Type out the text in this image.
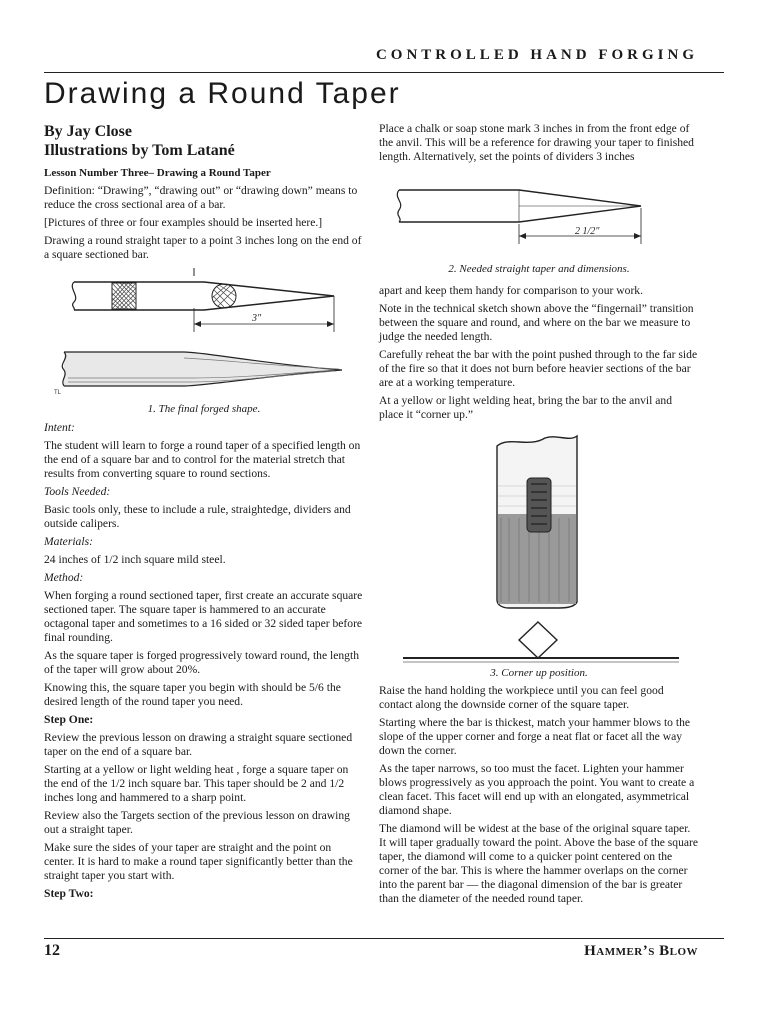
CONTROLLED HAND FORGING
Drawing a Round Taper
By Jay Close
Illustrations by Tom Latané
Lesson Number Three– Drawing a Round Taper

Definition: “Drawing”, “drawing out” or “drawing down” means to reduce the cross sectional area of a bar.

[Pictures of three or four examples should be inserted here.]

Drawing a round straight taper to a point 3 inches long on the end of a square sectioned bar.

3"
TL
1. The final forged shape.
Intent:

The student will learn to forge a round taper of a specified length on the end of a square bar and to control for the material stretch that results from converting square to round sections.

Tools Needed:

Basic tools only, these to include a rule, straightedge, dividers and outside calipers.

Materials:

24 inches of 1/2 inch square mild steel.

Method:

When forging a round sectioned taper, first create an accurate square sectioned taper. The square taper is hammered to an accurate octagonal taper and sometimes to a 16 sided or 32 sided taper before final rounding.

As the square taper is forged progressively toward round, the length of the taper will grow about 20%.

Knowing this, the square taper you begin with should be 5/6 the desired length of the round taper you need.

Step One:

Review the previous lesson on drawing a straight square sectioned taper on the end of a square bar.

Starting at a yellow or light welding heat , forge a square taper on the end of the 1/2 inch square bar. This taper should be 2 and 1/2 inches long and hammered to a sharp point.

Review also the Targets section of the previous lesson on drawing out a straight taper.

Make sure the sides of your taper are straight and the point on center. It is hard to make a round taper significantly better than the straight taper you start with.

Step Two:

Place a chalk or soap stone mark 3 inches in from the front edge of the anvil. This will be a reference for drawing your taper to finished length. Alternatively, set the points of dividers 3 inches

2 1/2"
2. Needed straight taper and dimensions.

apart and keep them handy for comparison to your work.

Note in the technical sketch shown above the “fingernail” transition between the square and round, and where on the bar we measure to judge the needed length.

Carefully reheat the bar with the point pushed through to the far side of the fire so that it does not burn before heavier sections of the bar are at a working temperature.

At a yellow or light welding heat, bring the bar to the anvil and place it “corner up.”

3. Corner up position.

Raise the hand holding the workpiece until you can feel good contact along the downside corner of the square taper.

Starting where the bar is thickest, match your hammer blows to the slope of the upper corner and forge a neat flat or facet all the way down the corner.

As the taper narrows, so too must the facet. Lighten your hammer blows progressively as you approach the point. You want to create a clean facet. This facet will end up with an elongated, asymmetrical diamond shape.

The diamond will be widest at the base of the original square taper. It will taper gradually toward the point. Above the base of the square taper, the diamond will come to a quicker point centered on the corner of the bar. This is where the hammer overlaps on the corner into the parent bar — the diagonal dimension of the bar is greater than the diameter of the needed round taper.

12	Hammer’s Blow
